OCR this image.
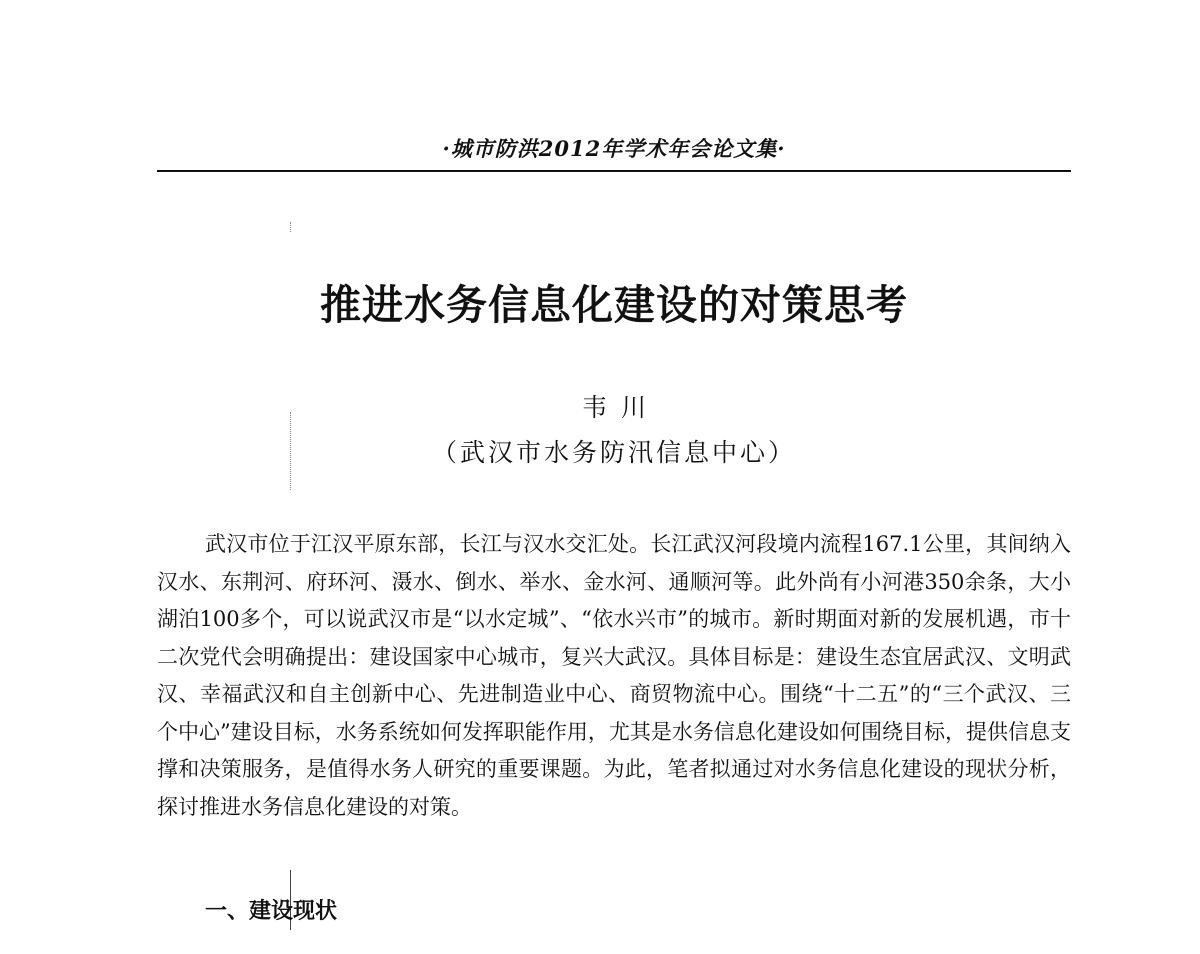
·城市防洪2012年学术年会论文集·
推进水务信息化建设的对策思考
韦川
（武汉市水务防汛信息中心）

武汉市位于江汉平原东部，长江与汉水交汇处。长江武汉河段境内流程167.1公里，其间纳入汉水、东荆河、府环河、滠水、倒水、举水、金水河、通顺河等。此外尚有小河港350余条，大小湖泊100多个，可以说武汉市是“以水定城”、“依水兴市”的城市。新时期面对新的发展机遇，市十二次党代会明确提出：建设国家中心城市，复兴大武汉。具体目标是：建设生态宜居武汉、文明武汉、幸福武汉和自主创新中心、先进制造业中心、商贸物流中心。围绕“十二五”的“三个武汉、三个中心”建设目标，水务系统如何发挥职能作用，尤其是水务信息化建设如何围绕目标，提供信息支撑和决策服务，是值得水务人研究的重要课题。为此，笔者拟通过对水务信息化建设的现状分析，探讨推进水务信息化建设的对策。

一、建设现状
